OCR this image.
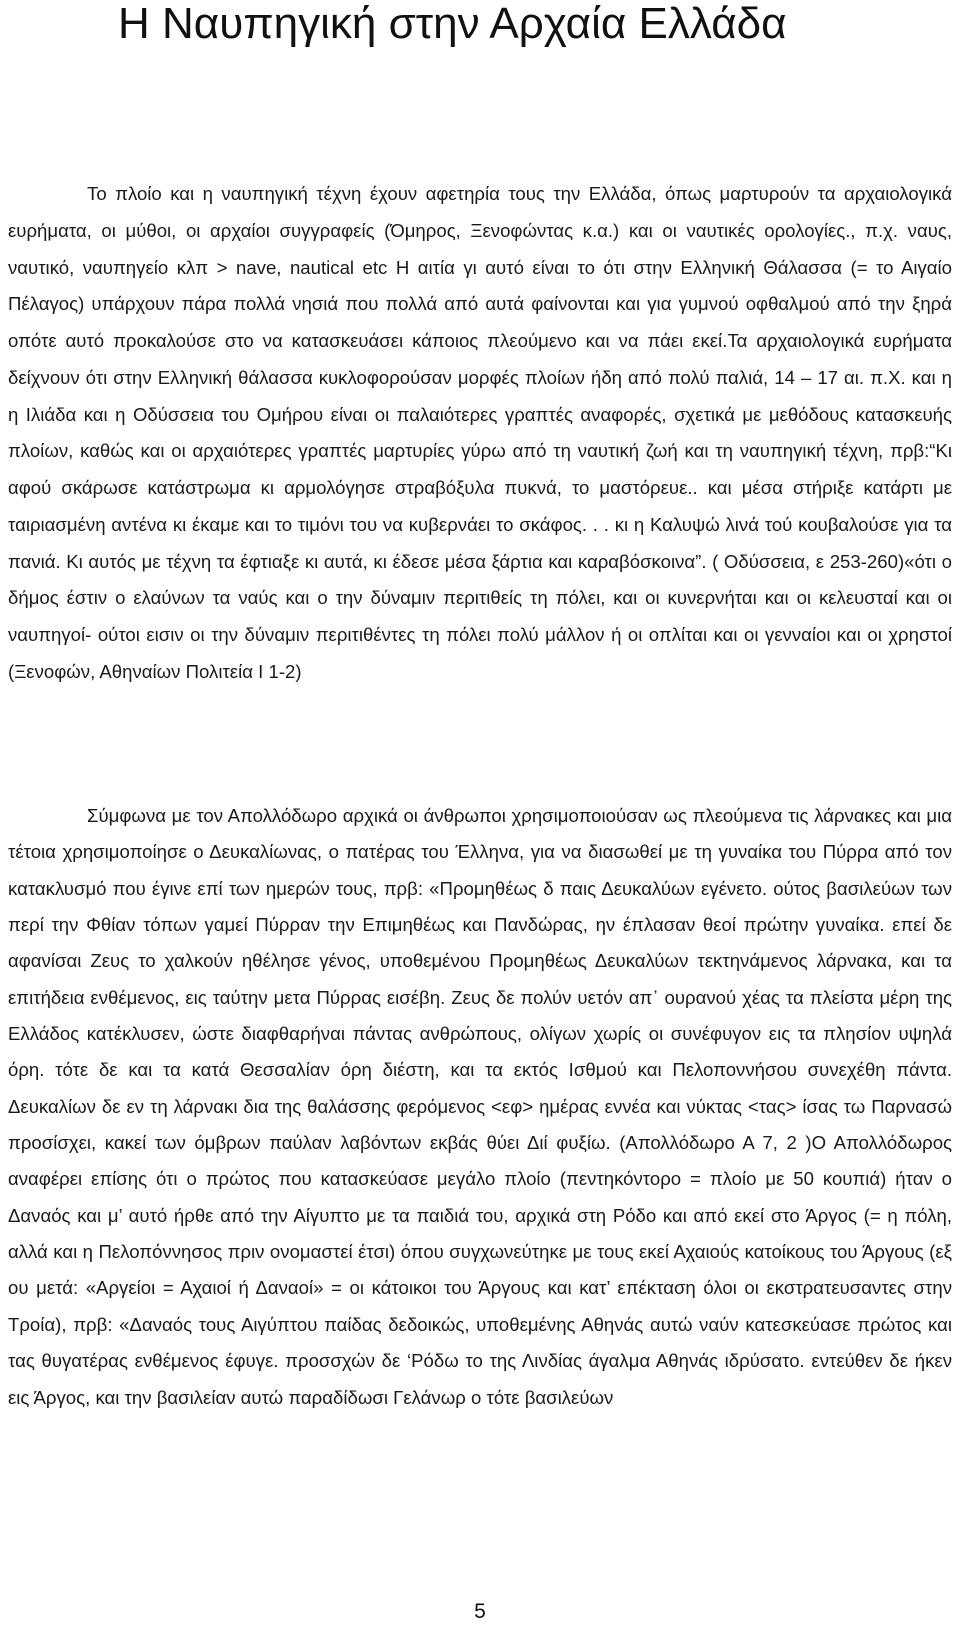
Η Ναυπηγική στην Αρχαία Ελλάδα
Το πλοίο και η ναυπηγική τέχνη έχουν αφετηρία τους την Ελλάδα, όπως μαρτυρούν τα αρχαιολογικά ευρήματα, οι μύθοι, οι αρχαίοι συγγραφείς (Όμηρος, Ξενοφώντας κ.α.) και οι ναυτικές ορολογίες., π.χ. ναυς, ναυτικό, ναυπηγείο κλπ > nave, nautical etc Η αιτία γι αυτό είναι το ότι στην Ελληνική Θάλασσα (= το Αιγαίο Πέλαγος) υπάρχουν πάρα πολλά νησιά που πολλά από αυτά φαίνονται και για γυμνού οφθαλμού από την ξηρά οπότε αυτό προκαλούσε στο να κατασκευάσει κάποιος πλεούμενο και να πάει εκεί.Τα αρχαιολογικά ευρήματα δείχνουν ότι στην Ελληνική θάλασσα κυκλοφορούσαν μορφές πλοίων ήδη από πολύ παλιά, 14 – 17 αι. π.Χ. και η η Ιλιάδα και η Οδύσσεια του Ομήρου είναι οι παλαιότερες γραπτές αναφορές, σχετικά με μεθόδους κατασκευής πλοίων, καθώς και οι αρχαιότερες γραπτές μαρτυρίες γύρω από τη ναυτική ζωή και τη ναυπηγική τέχνη, πρβ:“Κι αφού σκάρωσε κατάστρωμα κι αρμολόγησε στραβόξυλα πυκνά, το μαστόρευε.. και μέσα στήριξε κατάρτι με ταιριασμένη αντένα κι έκαμε και το τιμόνι του να κυβερνάει το σκάφος. . . κι η Καλυψώ λινά τού κουβαλούσε για τα πανιά. Κι αυτός με τέχνη τα έφτιαξε κι αυτά, κι έδεσε μέσα ξάρτια και καραβόσκοινα”. ( Οδύσσεια, ε 253-260)«ότι ο δήμος έστιν ο ελαύνων τα ναύς και ο την δύναμιν περιτιθείς τη πόλει, και οι κυνερνήται και οι κελευσταί και οι ναυπηγοί- ούτοι εισιν οι την δύναμιν περιτιθέντες τη πόλει πολύ μάλλον ή οι οπλίται και οι γενναίοι και οι χρηστοί (Ξενοφών, Αθηναίων Πολιτεία Ι 1-2)
Σύμφωνα με τον Απολλόδωρο αρχικά οι άνθρωποι χρησιμοποιούσαν ως πλεούμενα τις λάρνακες και μια τέτοια χρησιμοποίησε ο Δευκαλίωνας, ο πατέρας του Έλληνα, για να διασωθεί με τη γυναίκα του Πύρρα από τον κατακλυσμό που έγινε επί των ημερών τους, πρβ: «Προμηθέως δ παις Δευκαλύων εγένετο. ούτος βασιλεύων των περί την Φθίαν τόπων γαμεί Πύρραν την Επιμηθέως και Πανδώρας, ην έπλασαν θεοί πρώτην γυναίκα. επεί δε αφανίσαι Ζευς το χαλκούν ηθέλησε γένος, υποθεμένου Προμηθέως Δευκαλύων τεκτηνάμενος λάρνακα, και τα επιτήδεια ενθέμενος, εις ταύτην μετα Πύρρας εισέβη. Ζευς δε πολύν υετόν απ᾽ ουρανού χέας τα πλείστα μέρη της Ελλάδος κατέκλυσεν, ώστε διαφθαρήναι πάντας ανθρώπους, ολίγων χωρίς οι συνέφυγον εις τα πλησίον υψηλά όρη. τότε δε και τα κατά Θεσσαλίαν όρη διέστη, και τα εκτός Ισθμού και Πελοποννήσου συνεχέθη πάντα. Δευκαλίων δε εν τη λάρνακι δια της θαλάσσης φερόμενος <εφ> ημέρας εννέα και νύκτας <τας> ίσας τω Παρνασώ προσίσχει, κακεί των όμβρων παύλαν λαβόντων εκβάς θύει Διί φυξίω. (Απολλόδωρο Α 7, 2 )Ο Απολλόδωρος αναφέρει επίσης ότι ο πρώτος που κατασκεύασε μεγάλο πλοίο (πεντηκόντορο = πλοίο με 50 κουπιά) ήταν ο Δαναός και μ’ αυτό ήρθε από την Αίγυπτο με τα παιδιά του, αρχικά στη Ρόδο και από εκεί στο Άργος (= η πόλη, αλλά και η Πελοπόννησος πριν ονομαστεί έτσι) όπου συγχωνεύτηκε με τους εκεί Αχαιούς κατοίκους του Άργους (εξ ου μετά: «Αργείοι = Αχαιοί ή Δαναοί» = οι κάτοικοι του Άργους και κατ’ επέκταση όλοι οι εκστρατευσαντες στην Τροία), πρβ: «Δαναός τους Αιγύπτου παίδας δεδοικώς, υποθεμένης Αθηνάς αυτώ ναύν κατεσκεύασε πρώτος και τας θυγατέρας ενθέμενος έφυγε. προσσχών δε ‘Ρόδω το της Λινδίας άγαλμα Αθηνάς ιδρύσατο. εντεύθεν δε ήκεν εις Άργος, και την βασιλείαν αυτώ παραδίδωσι Γελάνωρ ο τότε βασιλεύων
5
